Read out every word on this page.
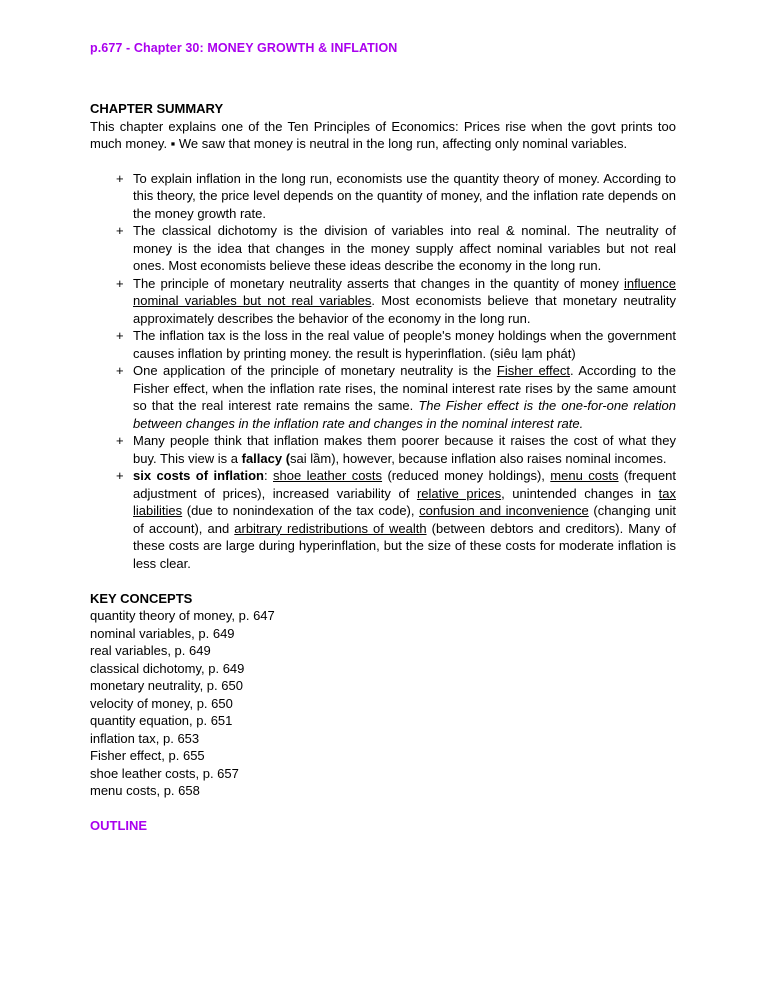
p.677 - Chapter 30: MONEY GROWTH & INFLATION
CHAPTER SUMMARY

This chapter explains one of the Ten Principles of Economics: Prices rise when the govt prints too much money. ▪ We saw that money is neutral in the long run, affecting only nominal variables.

+ To explain inflation in the long run, economists use the quantity theory of money. According to this theory, the price level depends on the quantity of money, and the inflation rate depends on the money growth rate.
+ The classical dichotomy is the division of variables into real & nominal. The neutrality of money is the idea that changes in the money supply affect nominal variables but not real ones. Most economists believe these ideas describe the economy in the long run.
+ The principle of monetary neutrality asserts that changes in the quantity of money influence nominal variables but not real variables. Most economists believe that monetary neutrality approximately describes the behavior of the economy in the long run.
+ The inflation tax is the loss in the real value of people's money holdings when the government causes inflation by printing money. the result is hyperinflation. (siêu lạm phát)
+ One application of the principle of monetary neutrality is the Fisher effect. According to the Fisher effect, when the inflation rate rises, the nominal interest rate rises by the same amount so that the real interest rate remains the same. The Fisher effect is the one-for-one relation between changes in the inflation rate and changes in the nominal interest rate.
+ Many people think that inflation makes them poorer because it raises the cost of what they buy. This view is a fallacy (sai lầm), however, because inflation also raises nominal incomes.
+ six costs of inflation: shoe leather costs (reduced money holdings), menu costs (frequent adjustment of prices), increased variability of relative prices, unintended changes in tax liabilities (due to nonindexation of the tax code), confusion and inconvenience (changing unit of account), and arbitrary redistributions of wealth (between debtors and creditors). Many of these costs are large during hyperinflation, but the size of these costs for moderate inflation is less clear.
KEY CONCEPTS
quantity theory of money, p. 647
nominal variables, p. 649
real variables, p. 649
classical dichotomy, p. 649
monetary neutrality, p. 650
velocity of money, p. 650
quantity equation, p. 651
inflation tax, p. 653
Fisher effect, p. 655
shoe leather costs, p. 657
menu costs, p. 658
OUTLINE
